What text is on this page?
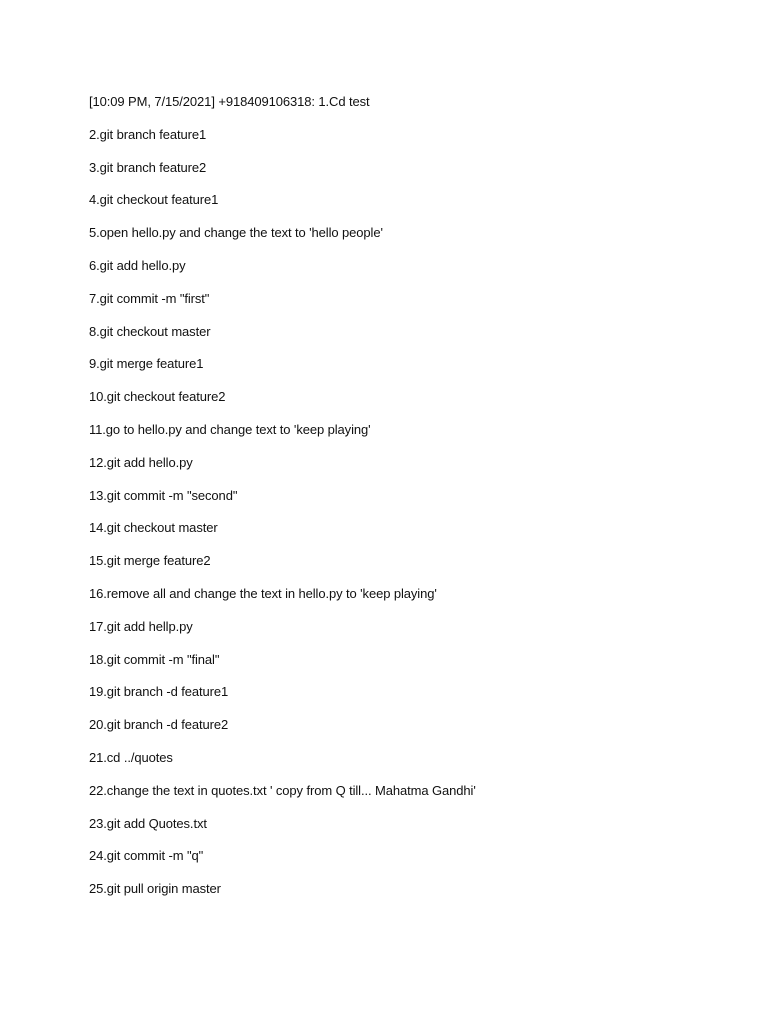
[10:09 PM, 7/15/2021] +918409106318: 1.Cd test
2.git branch feature1
3.git branch feature2
4.git checkout feature1
5.open hello.py and change the text to 'hello people'
6.git add hello.py
7.git commit -m "first"
8.git checkout master
9.git merge feature1
10.git checkout feature2
11.go to hello.py and change text to 'keep playing'
12.git add hello.py
13.git commit -m "second"
14.git checkout master
15.git merge feature2
16.remove all and change the text in hello.py to 'keep playing'
17.git add hellp.py
18.git commit -m "final"
19.git branch -d feature1
20.git branch -d feature2
21.cd ../quotes
22.change the text in quotes.txt ' copy from Q till... Mahatma Gandhi'
23.git add Quotes.txt
24.git commit -m "q"
25.git pull origin master
